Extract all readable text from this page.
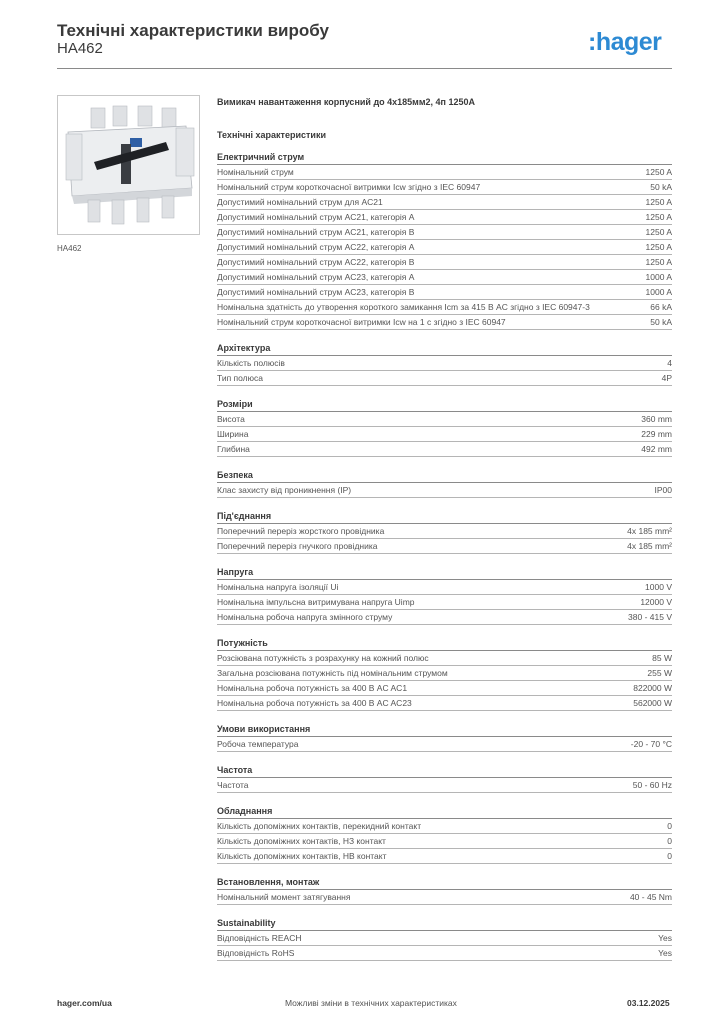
Технічні характеристики виробу
HA462	:hager
HA462
Вимикач навантаження корпусний до 4х185мм2, 4п 1250A
Технічні характеристики
Електричний струм
Номінальний струм	1250 A
Номінальний струм короткочасної витримки Icw згідно з IEC 60947	50 kA
Допустимий номінальний струм для AC21	1250 A
Допустимий номінальний струм AC21, категорія A	1250 A
Допустимий номінальний струм AC21, категорія B	1250 A
Допустимий номінальний струм AC22, категорія A	1250 A
Допустимий номінальний струм AC22, категорія B	1250 A
Допустимий номінальний струм AC23, категорія A	1000 A
Допустимий номінальний струм AC23, категорія B	1000 A
Номінальна здатність до утворення короткого замикання Icm за 415 В AC згідно з IEC 60947-3	66 kA
Номінальний струм короткочасної витримки Icw на 1 с згідно з IEC 60947	50 kA
Архітектура
Кількість полюсів	4
Тип полюса	4P
Розміри
Висота	360 mm
Ширина	229 mm
Глибина	492 mm
Безпека
Клас захисту від проникнення (IP)	IP00
Під'єднання
Поперечний переріз жорсткого провідника	4x 185 mm²
Поперечний переріз гнучкого провідника	4x 185 mm²
Напруга
Номінальна напруга ізоляції Ui	1000 V
Номінальна імпульсна витримувана напруга Uimp	12000 V
Номінальна робоча напруга змінного струму	380 - 415 V
Потужність
Розсіювана потужність з розрахунку на кожний полюс	85 W
Загальна розсіювана потужність під номінальним струмом	255 W
Номінальна робоча потужність за 400 В AC AC1	822000 W
Номінальна робоча потужність за 400 В AC AC23	562000 W
Умови використання
Робоча температура	-20 - 70 °C
Частота
Частота	50 - 60 Hz
Обладнання
Кількість допоміжних контактів, перекидний контакт	0
Кількість допоміжних контактів, НЗ контакт	0
Кількість допоміжних контактів, НВ контакт	0
Встановлення, монтаж
Номінальний момент затягування	40 - 45 Nm
Sustainability
Відповідність REACH	Yes
Відповідність RoHS	Yes
hager.com/ua	Можливі зміни в технічних характеристиках	03.12.2025
